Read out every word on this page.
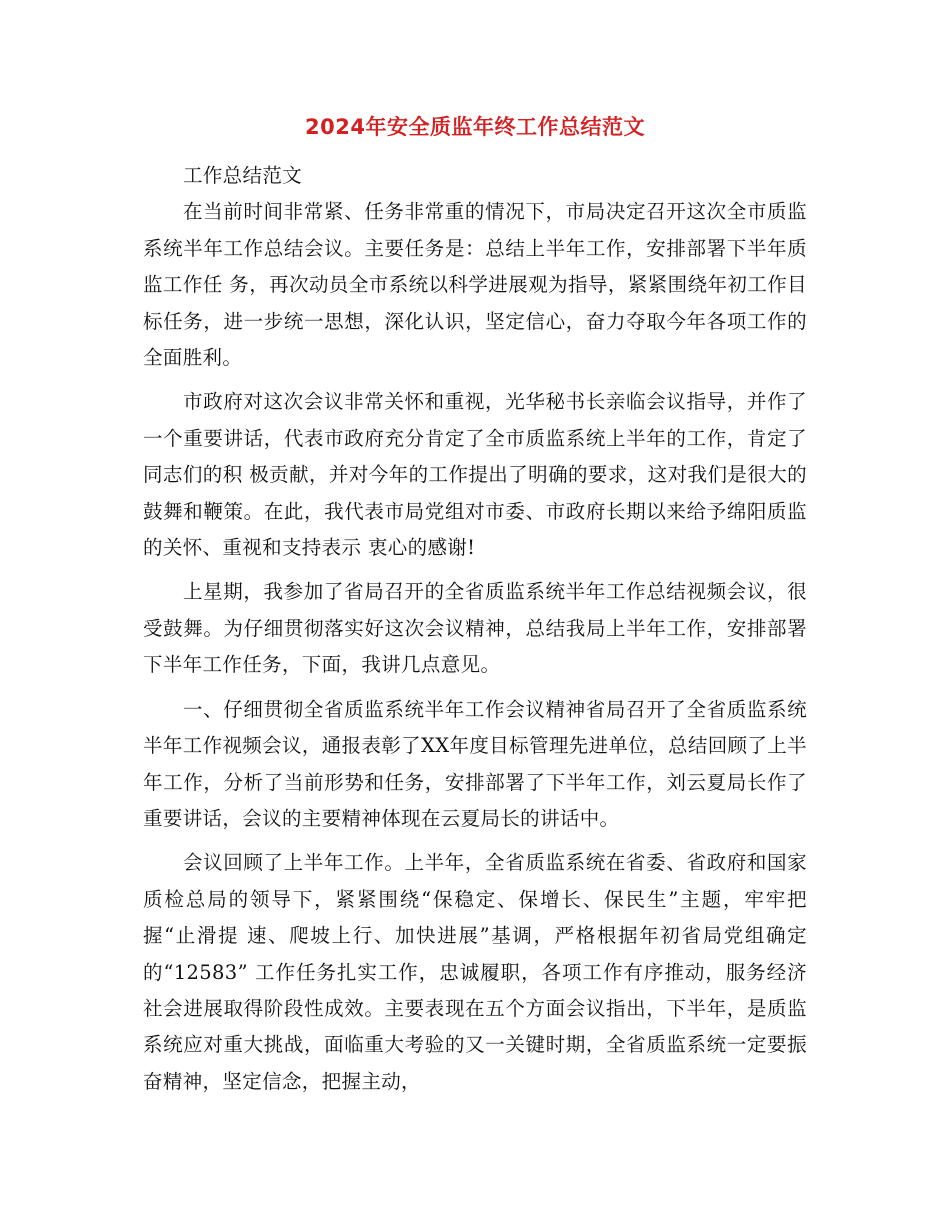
2024年安全质监年终工作总结范文

工作总结范文

在当前时间非常紧、任务非常重的情况下，市局决定召开这次全市质监系统半年工作总结会议。主要任务是：总结上半年工作，安排部署下半年质监工作任 务，再次动员全市系统以科学进展观为指导，紧紧围绕年初工作目标任务，进一步统一思想，深化认识，坚定信心，奋力夺取今年各项工作的全面胜利。

市政府对这次会议非常关怀和重视，光华秘书长亲临会议指导，并作了一个重要讲话，代表市政府充分肯定了全市质监系统上半年的工作，肯定了同志们的积 极贡献，并对今年的工作提出了明确的要求，这对我们是很大的鼓舞和鞭策。在此，我代表市局党组对市委、市政府长期以来给予绵阳质监的关怀、重视和支持表示 衷心的感谢!

上星期，我参加了省局召开的全省质监系统半年工作总结视频会议，很受鼓舞。为仔细贯彻落实好这次会议精神，总结我局上半年工作，安排部署下半年工作任务，下面，我讲几点意见。

一、仔细贯彻全省质监系统半年工作会议精神省局召开了全省质监系统半年工作视频会议，通报表彰了XX年度目标管理先进单位，总结回顾了上半年工作，分析了当前形势和任务，安排部署了下半年工作，刘云夏局长作了重要讲话，会议的主要精神体现在云夏局长的讲话中。

会议回顾了上半年工作。上半年，全省质监系统在省委、省政府和国家质检总局的领导下，紧紧围绕“保稳定、保增长、保民生”主题，牢牢把握“止滑提 速、爬坡上行、加快进展”基调，严格根据年初省局党组确定的“12583” 工作任务扎实工作，忠诚履职，各项工作有序推动，服务经济社会进展取得阶段性成效。主要表现在五个方面会议指出，下半年，是质监系统应对重大挑战，面临重大考验的又一关键时期，全省质监系统一定要振奋精神，坚定信念，把握主动，
